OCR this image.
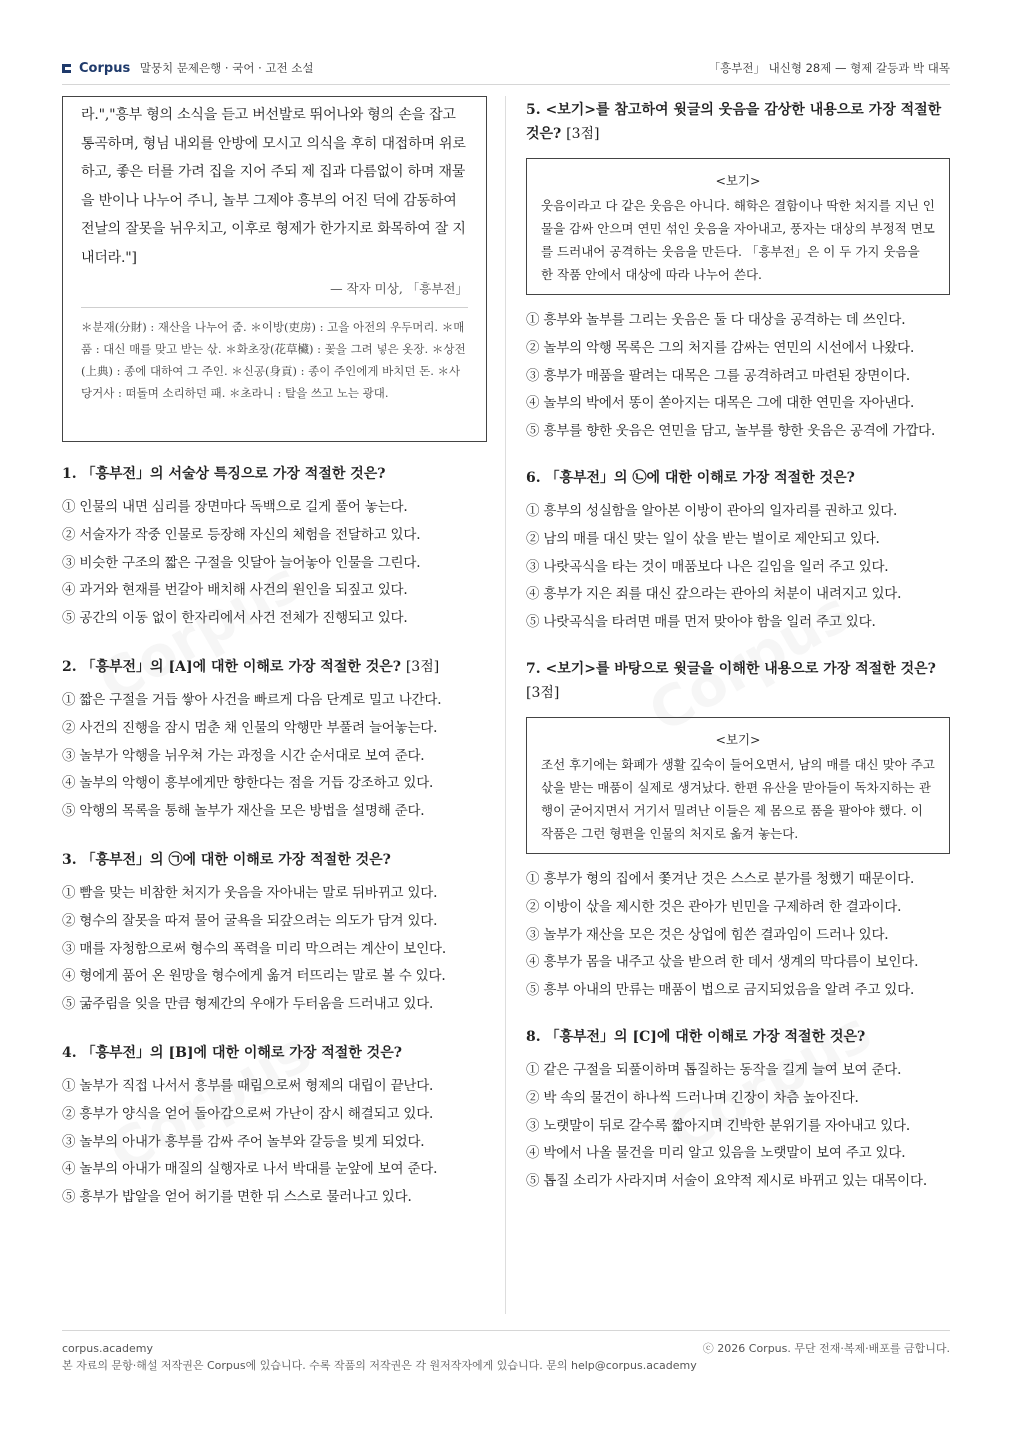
Corpus 말뭉치 문제은행 · 국어 · 고전 소설	「흥부전」 내신형 28제 — 형제 갈등과 박 대목

라.","흥부 형의 소식을 듣고 버선발로 뛰어나와 형의 손을 잡고 통곡하며, 형님 내외를 안방에 모시고 의식을 후히 대접하며 위로하고, 좋은 터를 가려 집을 지어 주되 제 집과 다름없이 하며 재물을 반이나 나누어 주니, 놀부 그제야 흥부의 어진 덕에 감동하여 전날의 잘못을 뉘우치고, 이후로 형제가 한가지로 화목하여 잘 지내더라."]

— 작자 미상, 「흥부전」

＊분재(分財) : 재산을 나누어 줌. ＊이방(吏房) : 고을 아전의 우두머리. ＊매품 : 대신 매를 맞고 받는 삯. ＊화초장(花草欌) : 꽃을 그려 넣은 옷장. ＊상전(上典) : 종에 대하여 그 주인. ＊신공(身貢) : 종이 주인에게 바치던 돈. ＊사당거사 : 떠돌며 소리하던 패. ＊초라니 : 탈을 쓰고 노는 광대.

1. 「흥부전」의 서술상 특징으로 가장 적절한 것은?

① 인물의 내면 심리를 장면마다 독백으로 길게 풀어 놓는다.

② 서술자가 작중 인물로 등장해 자신의 체험을 전달하고 있다.

③ 비슷한 구조의 짧은 구절을 잇달아 늘어놓아 인물을 그린다.

④ 과거와 현재를 번갈아 배치해 사건의 원인을 되짚고 있다.

⑤ 공간의 이동 없이 한자리에서 사건 전체가 진행되고 있다.

2. 「흥부전」의 [A]에 대한 이해로 가장 적절한 것은? [3점]

① 짧은 구절을 거듭 쌓아 사건을 빠르게 다음 단계로 밀고 나간다.

② 사건의 진행을 잠시 멈춘 채 인물의 악행만 부풀려 늘어놓는다.

③ 놀부가 악행을 뉘우쳐 가는 과정을 시간 순서대로 보여 준다.

④ 놀부의 악행이 흥부에게만 향한다는 점을 거듭 강조하고 있다.

⑤ 악행의 목록을 통해 놀부가 재산을 모은 방법을 설명해 준다.

3. 「흥부전」의 ㉠에 대한 이해로 가장 적절한 것은?

① 빰을 맞는 비참한 처지가 웃음을 자아내는 말로 뒤바뀌고 있다.

② 형수의 잘못을 따져 물어 굴욕을 되갚으려는 의도가 담겨 있다.

③ 매를 자청함으로써 형수의 폭력을 미리 막으려는 계산이 보인다.

④ 형에게 품어 온 원망을 형수에게 옮겨 터뜨리는 말로 볼 수 있다.

⑤ 굶주림을 잊을 만큼 형제간의 우애가 두터움을 드러내고 있다.

4. 「흥부전」의 [B]에 대한 이해로 가장 적절한 것은?

① 놀부가 직접 나서서 흥부를 때림으로써 형제의 대립이 끝난다.

② 흥부가 양식을 얻어 돌아감으로써 가난이 잠시 해결되고 있다.

③ 놀부의 아내가 흥부를 감싸 주어 놀부와 갈등을 빚게 되었다.

④ 놀부의 아내가 매질의 실행자로 나서 박대를 눈앞에 보여 준다.

⑤ 흥부가 밥알을 얻어 허기를 면한 뒤 스스로 물러나고 있다.

5. <보기>를 참고하여 윗글의 웃음을 감상한 내용으로 가장 적절한 것은? [3점]

<보기>

웃음이라고 다 같은 웃음은 아니다. 해학은 결함이나 딱한 처지를 지닌 인물을 감싸 안으며 연민 섞인 웃음을 자아내고, 풍자는 대상의 부정적 면모를 드러내어 공격하는 웃음을 만든다. 「흥부전」은 이 두 가지 웃음을 한 작품 안에서 대상에 따라 나누어 쓴다.

① 흥부와 놀부를 그리는 웃음은 둘 다 대상을 공격하는 데 쓰인다.

② 놀부의 악행 목록은 그의 처지를 감싸는 연민의 시선에서 나왔다.

③ 흥부가 매품을 팔려는 대목은 그를 공격하려고 마련된 장면이다.

④ 놀부의 박에서 똥이 쏟아지는 대목은 그에 대한 연민을 자아낸다.

⑤ 흥부를 향한 웃음은 연민을 담고, 놀부를 향한 웃음은 공격에 가깝다.

6. 「흥부전」의 ㉡에 대한 이해로 가장 적절한 것은?

① 흥부의 성실함을 알아본 이방이 관아의 일자리를 권하고 있다.

② 남의 매를 대신 맞는 일이 삯을 받는 벌이로 제안되고 있다.

③ 나랏곡식을 타는 것이 매품보다 나은 길임을 일러 주고 있다.

④ 흥부가 지은 죄를 대신 갚으라는 관아의 처분이 내려지고 있다.

⑤ 나랏곡식을 타려면 매를 먼저 맞아야 함을 일러 주고 있다.

7. <보기>를 바탕으로 윗글을 이해한 내용으로 가장 적절한 것은? [3점]

<보기>

조선 후기에는 화폐가 생활 깊숙이 들어오면서, 남의 매를 대신 맞아 주고 삯을 받는 매품이 실제로 생겨났다. 한편 유산을 맏아들이 독차지하는 관행이 굳어지면서 거기서 밀려난 이들은 제 몸으로 품을 팔아야 했다. 이 작품은 그런 형편을 인물의 처지로 옮겨 놓는다.

① 흥부가 형의 집에서 쫓겨난 것은 스스로 분가를 청했기 때문이다.

② 이방이 삯을 제시한 것은 관아가 빈민을 구제하려 한 결과이다.

③ 놀부가 재산을 모은 것은 상업에 힘쓴 결과임이 드러나 있다.

④ 흥부가 몸을 내주고 삯을 받으려 한 데서 생계의 막다름이 보인다.

⑤ 흥부 아내의 만류는 매품이 법으로 금지되었음을 알려 주고 있다.

8. 「흥부전」의 [C]에 대한 이해로 가장 적절한 것은?

① 같은 구절을 되풀이하며 톱질하는 동작을 길게 늘여 보여 준다.

② 박 속의 물건이 하나씩 드러나며 긴장이 차츰 높아진다.

③ 노랫말이 뒤로 갈수록 짧아지며 긴박한 분위기를 자아내고 있다.

④ 박에서 나올 물건을 미리 알고 있음을 노랫말이 보여 주고 있다.

⑤ 톱질 소리가 사라지며 서술이 요약적 제시로 바뀌고 있는 대목이다.

corpus.academy	ⓒ 2026 Corpus. 무단 전재·복제·배포를 금합니다.
본 자료의 문항·해설 저작권은 Corpus에 있습니다. 수록 작품의 저작권은 각 원저작자에게 있습니다. 문의 help@corpus.academy
